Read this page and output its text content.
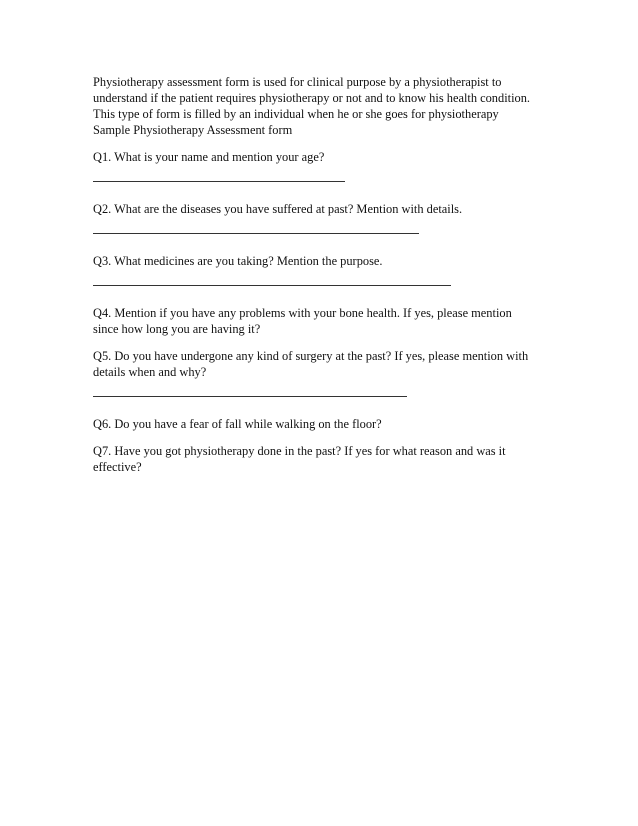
Physiotherapy assessment form is used for clinical purpose by a physiotherapist to

understand if the patient requires physiotherapy or not and to know his health condition.

This type of form is filled by an individual when he or she goes for physiotherapy

Sample Physiotherapy Assessment form

Q1. What is your name and mention your age?

Q2. What are the diseases you have suffered at past? Mention with details.

Q3. What medicines are you taking? Mention the purpose.

Q4. Mention if you have any problems with your bone health. If yes, please mention

since how long you are having it?

Q5. Do you have undergone any kind of surgery at the past? If yes, please mention with

details when and why?

Q6. Do you have a fear of fall while walking on the floor?

Q7. Have you got physiotherapy done in the past? If yes for what reason and was it

effective?
